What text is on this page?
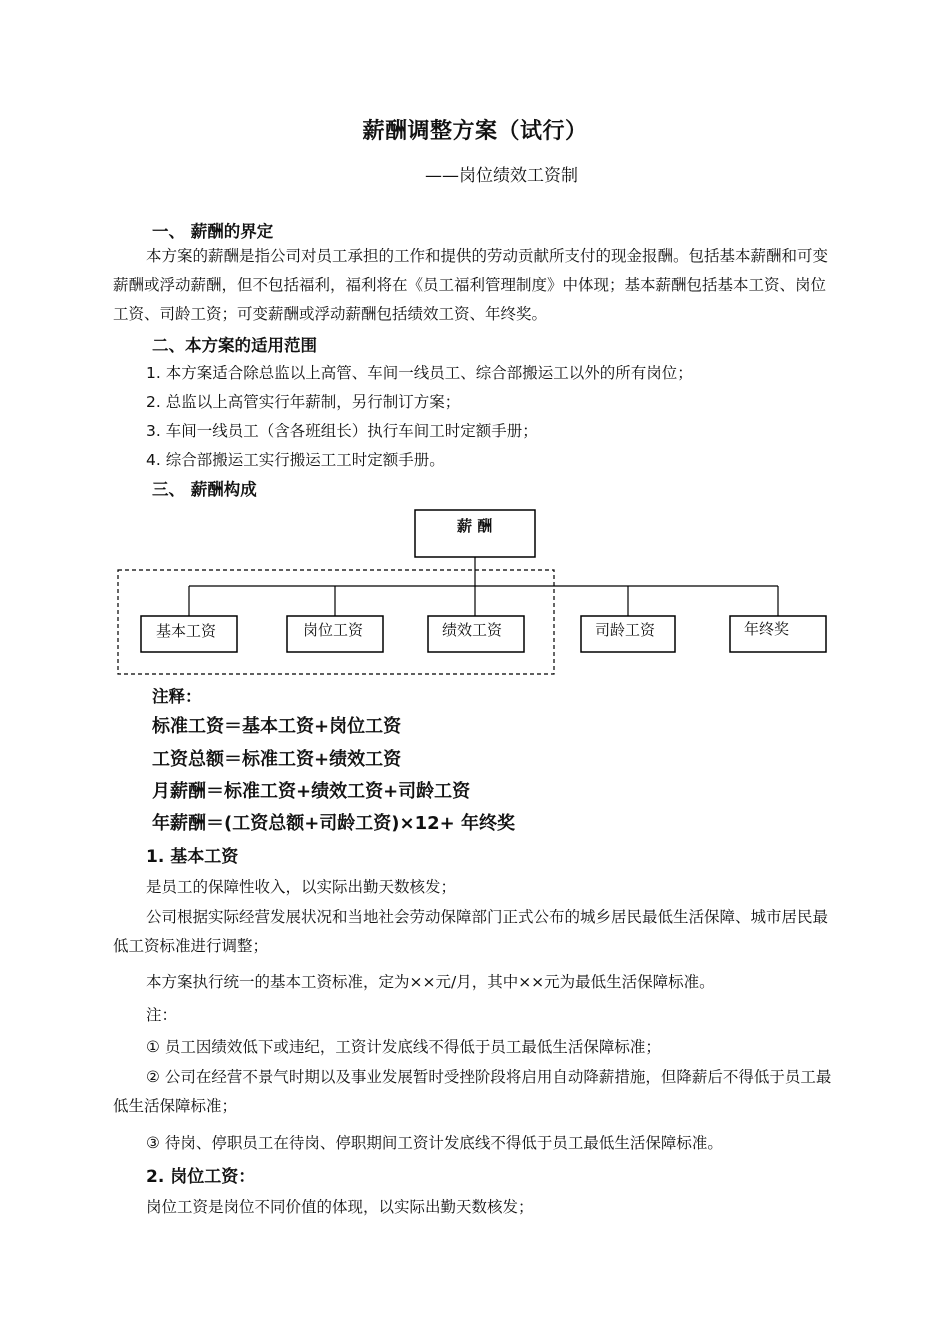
薪酬调整方案（试行）
——岗位绩效工资制
一、 薪酬的界定
本方案的薪酬是指公司对员工承担的工作和提供的劳动贡献所支付的现金报酬。包括基本薪酬和可变薪酬或浮动薪酬，但不包括福利，福利将在《员工福利管理制度》中体现；基本薪酬包括基本工资、岗位工资、司龄工资；可变薪酬或浮动薪酬包括绩效工资、年终奖。
二、本方案的适用范围
1. 本方案适合除总监以上高管、车间一线员工、综合部搬运工以外的所有岗位；
2. 总监以上高管实行年薪制，另行制订方案；
3. 车间一线员工（含各班组长）执行车间工时定额手册；
4. 综合部搬运工实行搬运工工时定额手册。
三、 薪酬构成
薪 酬
基本工资	岗位工资	绩效工资	司龄工资	年终奖
注释：
标准工资＝基本工资+岗位工资
工资总额＝标准工资+绩效工资
月薪酬＝标准工资+绩效工资+司龄工资
年薪酬＝(工资总额+司龄工资)×12+ 年终奖
1. 基本工资
是员工的保障性收入，以实际出勤天数核发；
公司根据实际经营发展状况和当地社会劳动保障部门正式公布的城乡居民最低生活保障、城市居民最低工资标准进行调整；
本方案执行统一的基本工资标准，定为××元/月，其中××元为最低生活保障标准。
注：
① 员工因绩效低下或违纪，工资计发底线不得低于员工最低生活保障标准；
② 公司在经营不景气时期以及事业发展暂时受挫阶段将启用自动降薪措施，但降薪后不得低于员工最低生活保障标准；
③ 待岗、停职员工在待岗、停职期间工资计发底线不得低于员工最低生活保障标准。
2. 岗位工资：
岗位工资是岗位不同价值的体现，以实际出勤天数核发；
